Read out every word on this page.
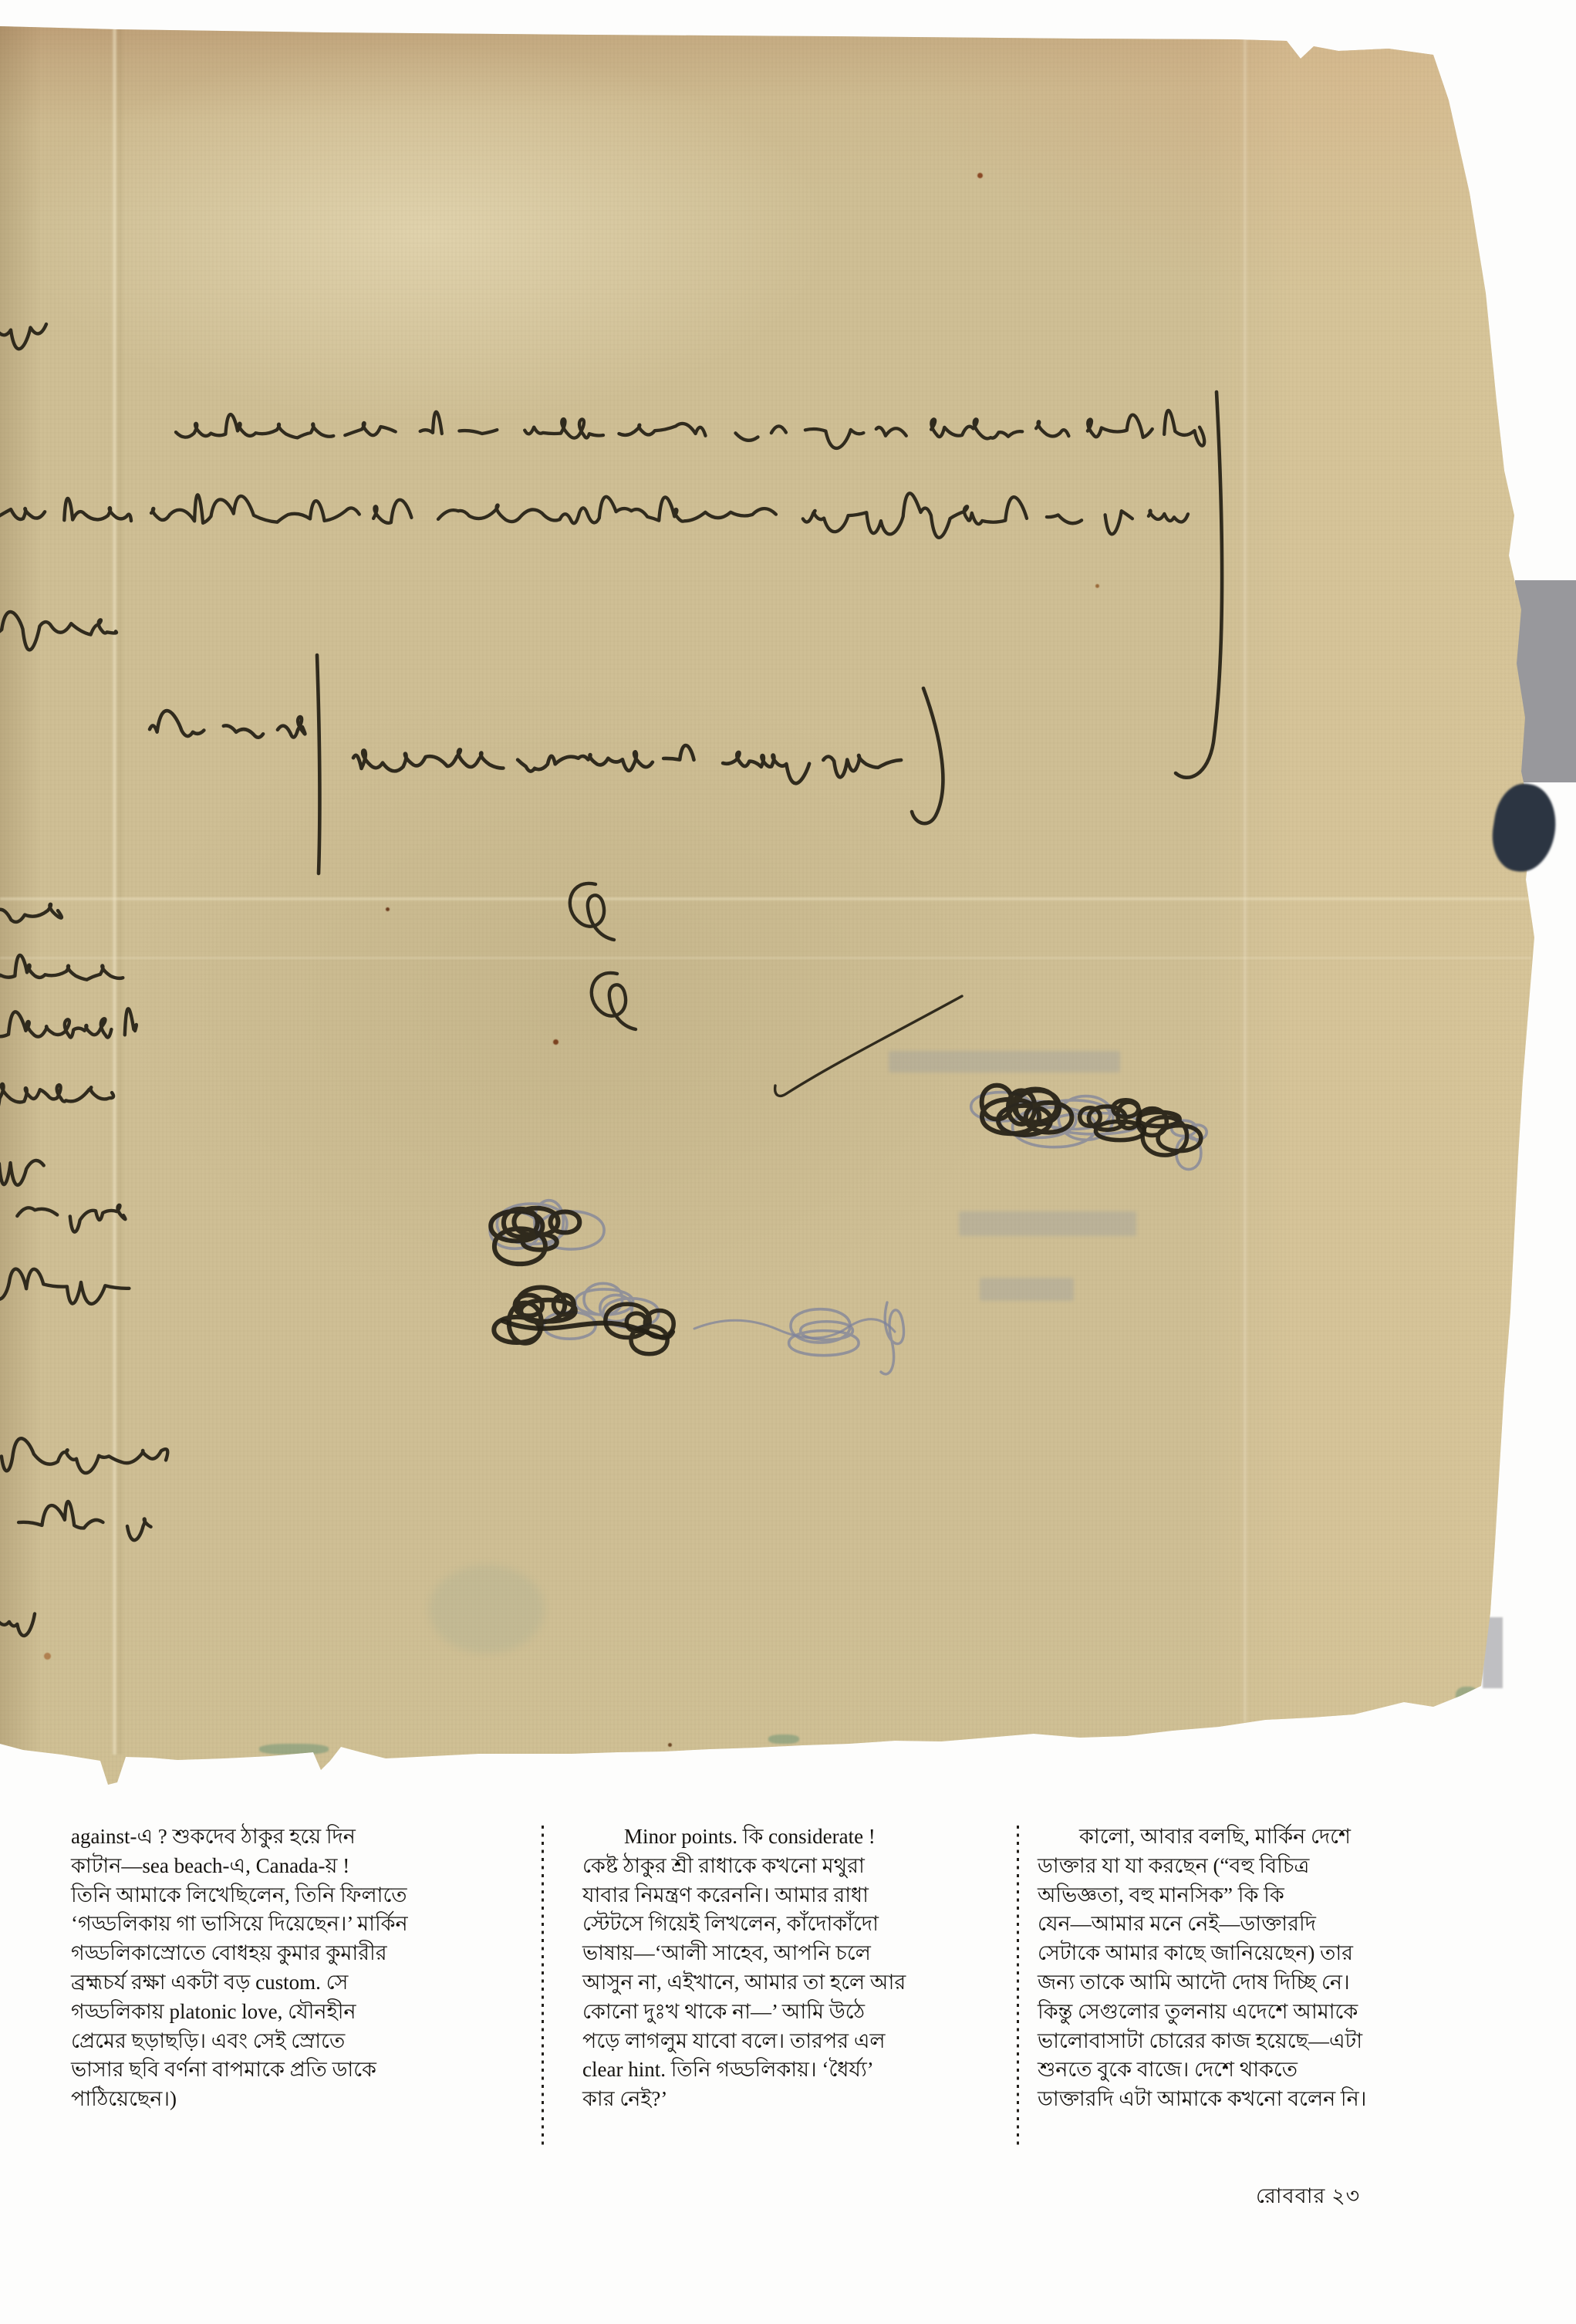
against-এ ? শুকদেব ঠাকুর হয়ে দিন
কাটান—sea beach-এ, Canada-য় !
তিনি আমাকে লিখেছিলেন, তিনি ফিলাতে
‘গড্ডলিকায় গা ভাসিয়ে দিয়েছেন।’ মার্কিন
গড্ডলিকাস্রোতে বোধহয় কুমার কুমারীর
ব্রহ্মচর্য রক্ষা একটা বড় custom. সে
গড্ডলিকায় platonic love, যৌনহীন
প্রেমের ছড়াছড়ি। এবং সেই স্রোতে
ভাসার ছবি বর্ণনা বাপমাকে প্রতি ডাকে
পাঠিয়েছেন।)
Minor points. কি considerate !
কেষ্ট ঠাকুর শ্রী রাধাকে কখনো মথুরা
যাবার নিমন্ত্রণ করেননি। আমার রাধা
স্টেটসে গিয়েই লিখলেন, কাঁদোকাঁদো
ভাষায়—‘আলী সাহেব, আপনি চলে
আসুন না, এইখানে, আমার তা হলে আর
কোনো দুঃখ থাকে না—’ আমি উঠে
পড়ে লাগলুম যাবো বলে। তারপর এল
clear hint. তিনি গড্ডলিকায়। ‘ধৈর্য্য’
কার নেই?’
কালো, আবার বলছি, মার্কিন দেশে
ডাক্তার যা যা করছেন (“বহু বিচিত্র
অভিজ্ঞতা, বহু মানসিক” কি কি
যেন—আমার মনে নেই—ডাক্তারদি
সেটাকে আমার কাছে জানিয়েছেন) তার
জন্য তাকে আমি আদৌ দোষ দিচ্ছি নে।
কিন্তু সেগুলোর তুলনায় এদেশে আমাকে
ভালোবাসাটা চোরের কাজ হয়েছে—এটা
শুনতে বুকে বাজে। দেশে থাকতে
ডাক্তারদি এটা আমাকে কখনো বলেন নি।
রোববার ২৩
